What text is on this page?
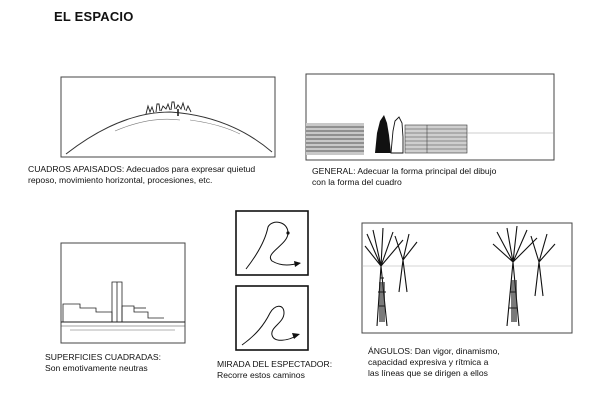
EL ESPACIO
CUADROS APAISADOS: Adecuados para expresar quietud
reposo, movimiento horizontal, procesiones, etc.
GENERAL: Adecuar la forma principal del dibujo
con la forma del cuadro
SUPERFICIES CUADRADAS:
Son emotivamente neutras	MIRADA DEL ESPECTADOR:
Recorre estos caminos
ÁNGULOS: Dan vigor, dinamismo,
capacidad expresiva y rítmica a
las líneas que se dirigen a ellos
